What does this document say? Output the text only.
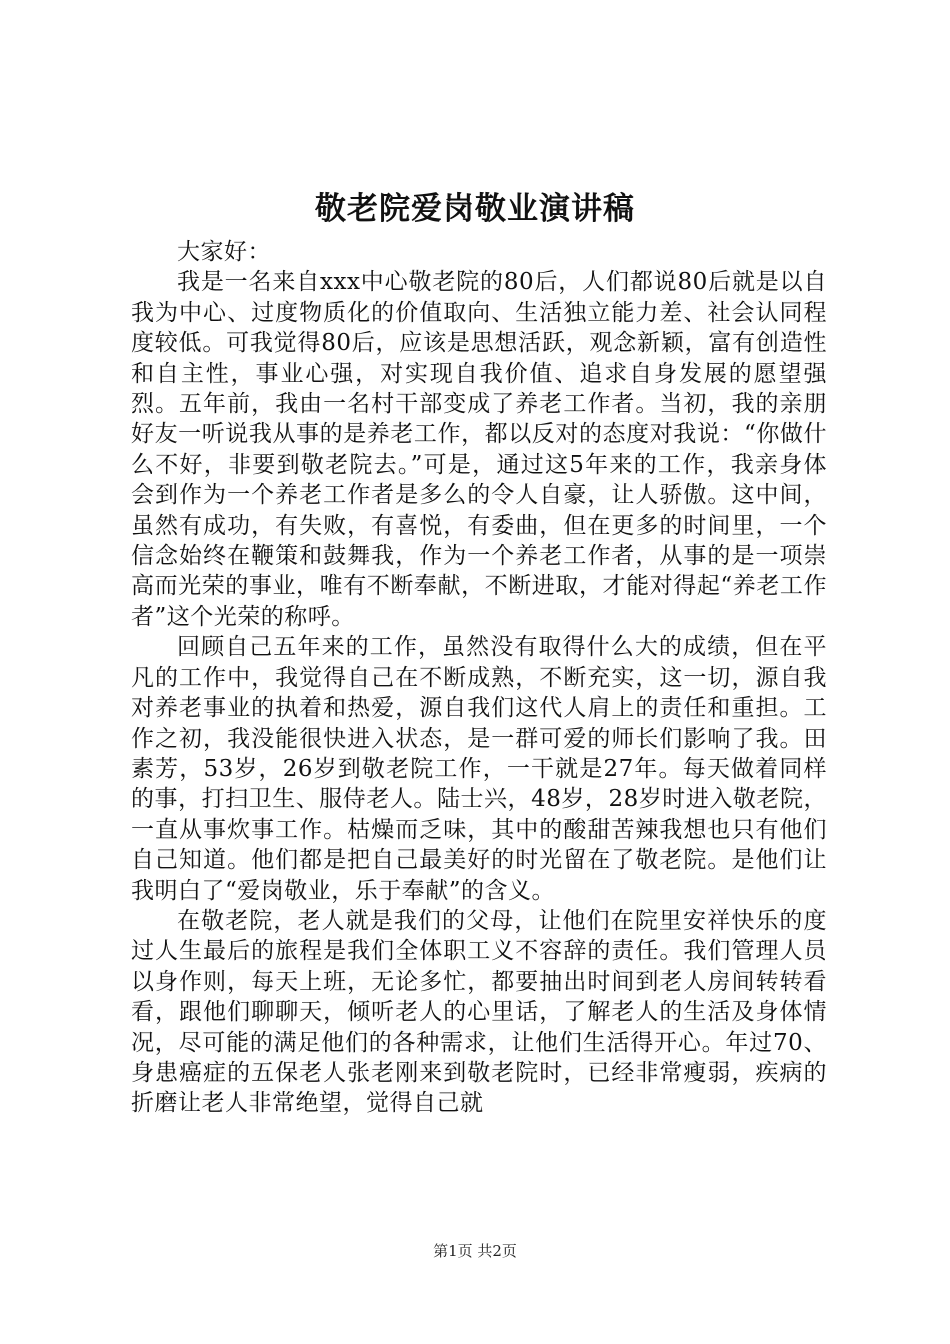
敬老院爱岗敬业演讲稿

大家好：

我是一名来自xxx中心敬老院的80后，人们都说80后就是以自我为中心、过度物质化的价值取向、生活独立能力差、社会认同程度较低。可我觉得80后，应该是思想活跃，观念新颖，富有创造性和自主性，事业心强，对实现自我价值、追求自身发展的愿望强烈。五年前，我由一名村干部变成了养老工作者。当初，我的亲朋好友一听说我从事的是养老工作，都以反对的态度对我说：“你做什么不好，非要到敬老院去。”可是，通过这5年来的工作，我亲身体会到作为一个养老工作者是多么的令人自豪，让人骄傲。这中间，虽然有成功，有失败，有喜悦，有委曲，但在更多的时间里，一个信念始终在鞭策和鼓舞我，作为一个养老工作者，从事的是一项崇高而光荣的事业，唯有不断奉献，不断进取，才能对得起“养老工作者”这个光荣的称呼。

回顾自己五年来的工作，虽然没有取得什么大的成绩，但在平凡的工作中，我觉得自己在不断成熟，不断充实，这一切，源自我对养老事业的执着和热爱，源自我们这代人肩上的责任和重担。工作之初，我没能很快进入状态，是一群可爱的师长们影响了我。田素芳，53岁，26岁到敬老院工作，一干就是27年。每天做着同样的事，打扫卫生、服侍老人。陆士兴，48岁，28岁时进入敬老院，一直从事炊事工作。枯燥而乏味，其中的酸甜苦辣我想也只有他们自己知道。他们都是把自己最美好的时光留在了敬老院。是他们让我明白了“爱岗敬业，乐于奉献”的含义。

在敬老院，老人就是我们的父母，让他们在院里安祥快乐的度过人生最后的旅程是我们全体职工义不容辞的责任。我们管理人员以身作则，每天上班，无论多忙，都要抽出时间到老人房间转转看看，跟他们聊聊天，倾听老人的心里话，了解老人的生活及身体情况，尽可能的满足他们的各种需求，让他们生活得开心。年过70、身患癌症的五保老人张老刚来到敬老院时，已经非常瘦弱，疾病的折磨让老人非常绝望，觉得自己就

第1页 共2页
